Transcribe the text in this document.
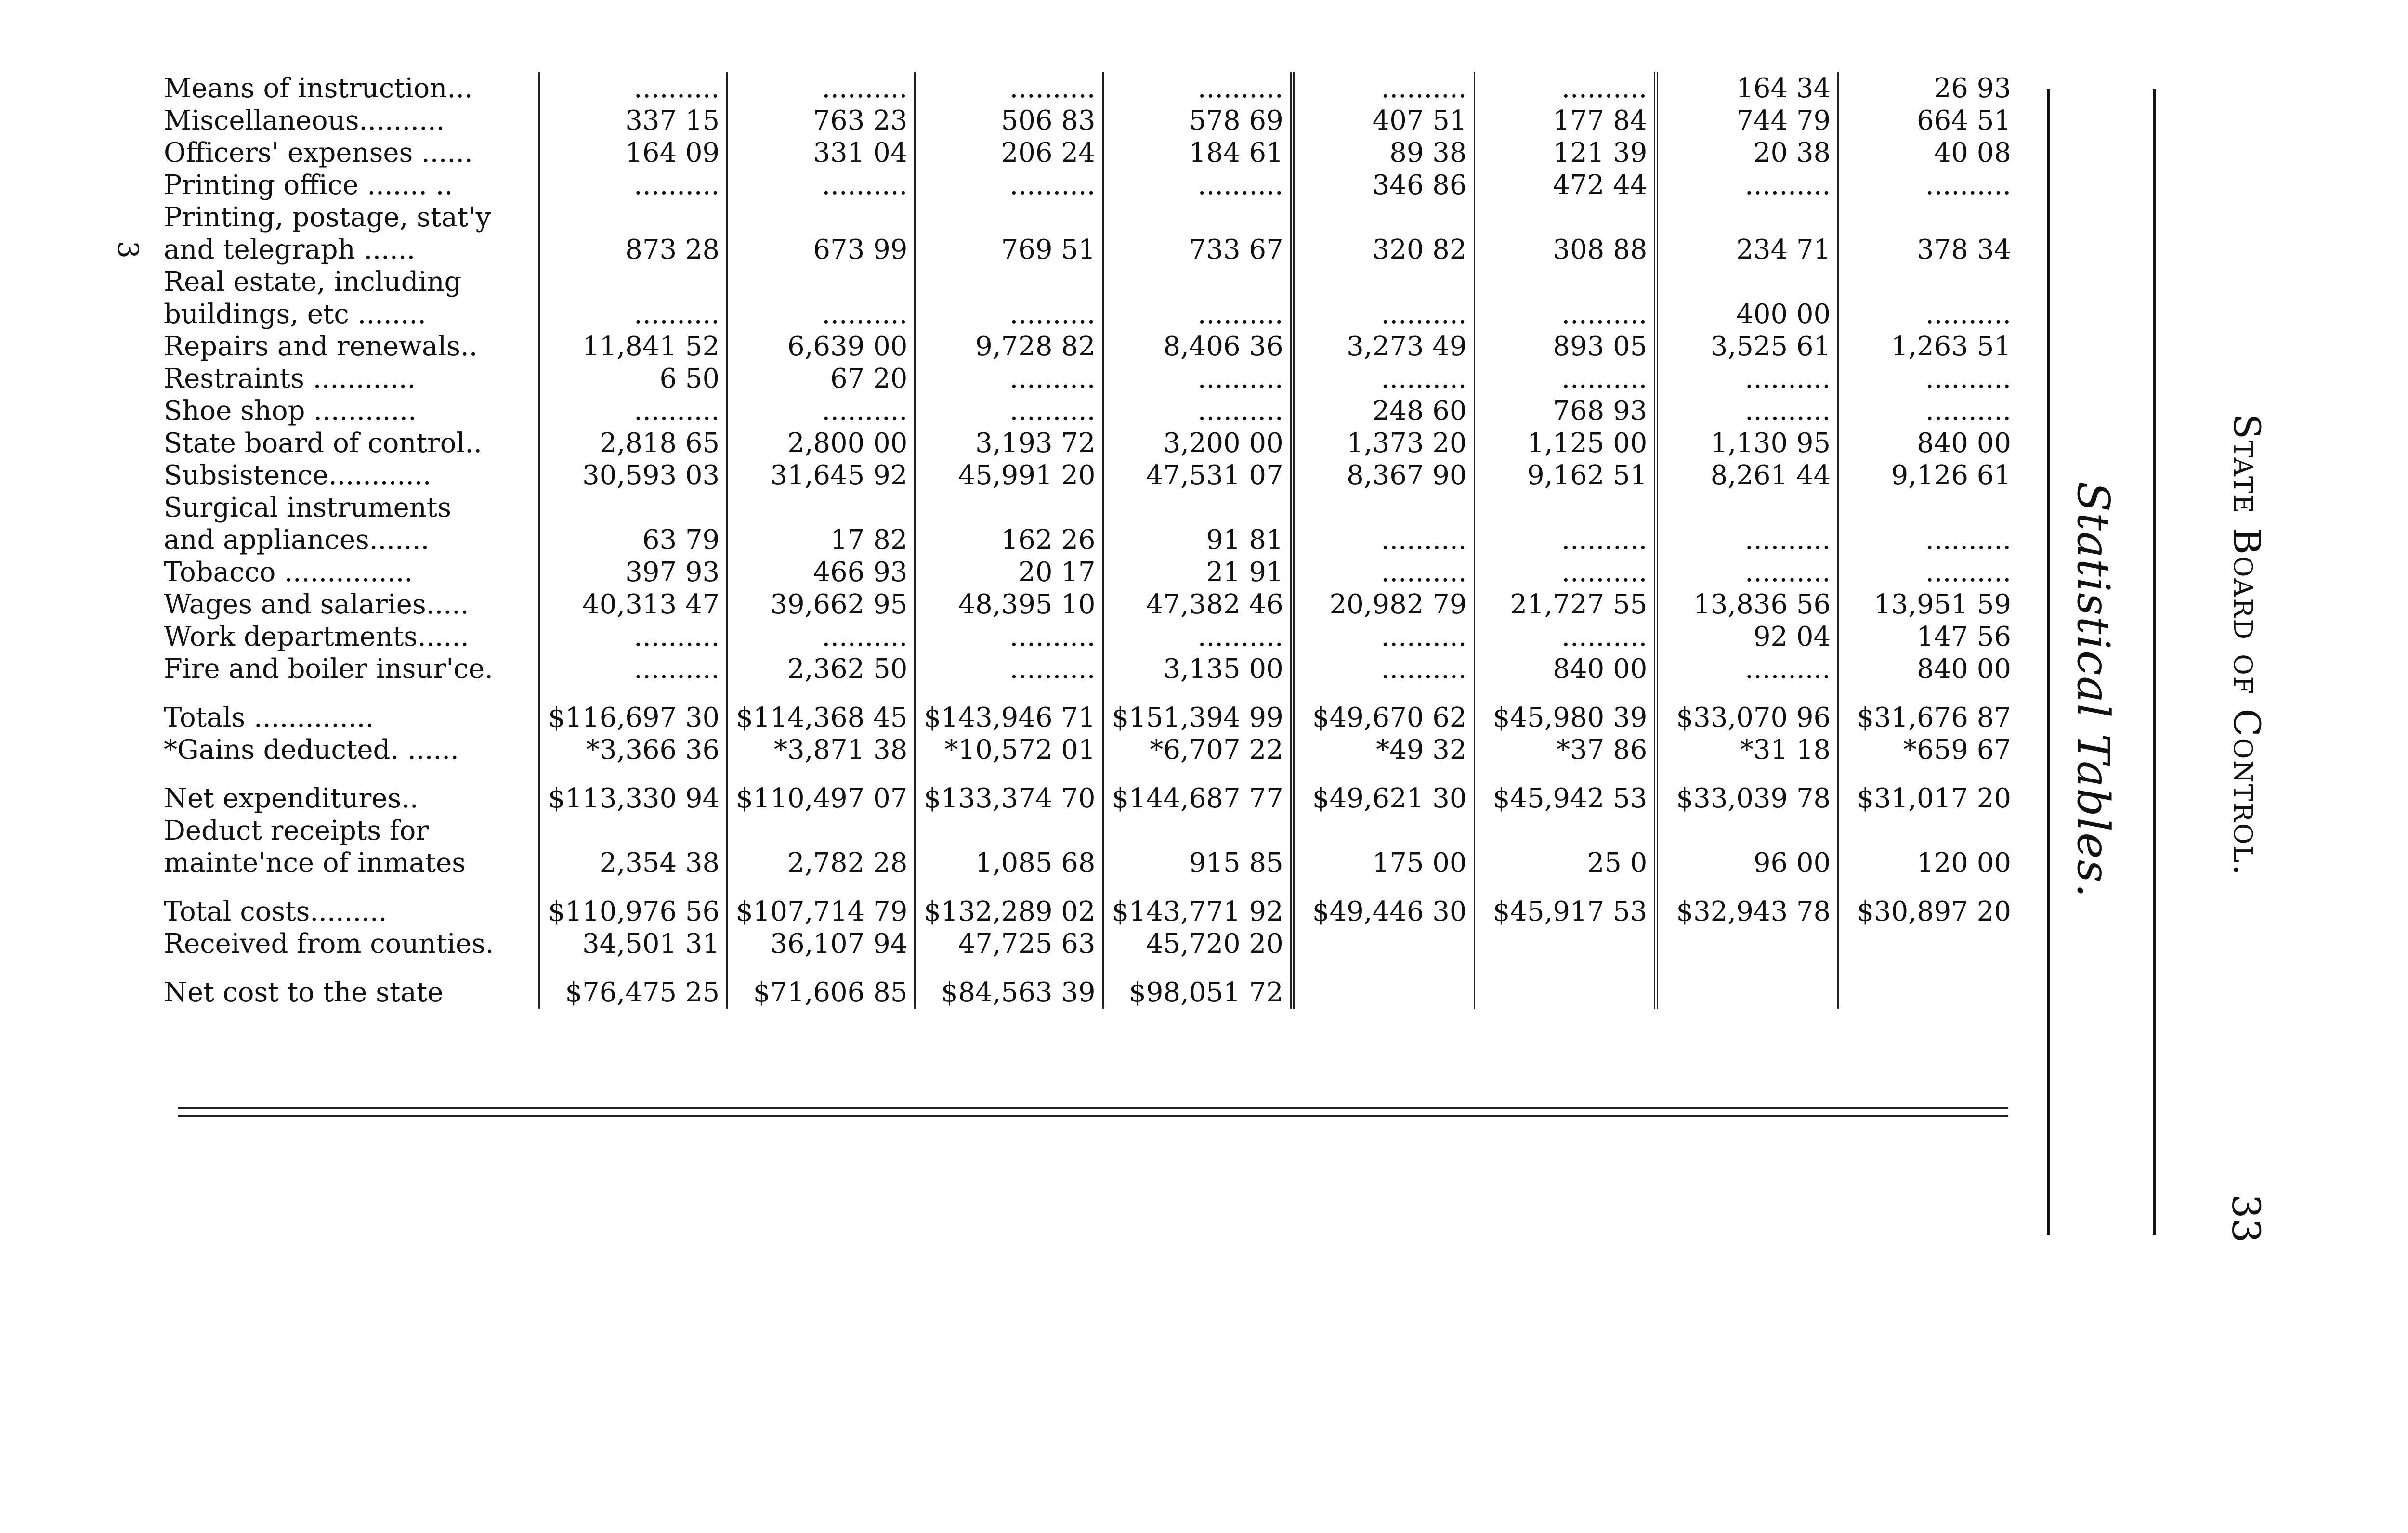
Means of instruction...	..........	..........	..........	..........	..........	..........	164 34	26 93
Miscellaneous..........	337 15	763 23	506 83	578 69	407 51	177 84	744 79	664 51
Officers' expenses ......	164 09	331 04	206 24	184 61	89 38	121 39	20 38	40 08
Printing office ....... ..	..........	..........	..........	..........	346 86	472 44	..........	..........
Printing, postage, stat'y								
and telegraph ......	873 28	673 99	769 51	733 67	320 82	308 88	234 71	378 34
Real estate, including								
buildings, etc ........	..........	..........	..........	..........	..........	..........	400 00	..........
Repairs and renewals..	11,841 52	6,639 00	9,728 82	8,406 36	3,273 49	893 05	3,525 61	1,263 51
Restraints ............	6 50	67 20	..........	..........	..........	..........	..........	..........
Shoe shop ............	..........	..........	..........	..........	248 60	768 93	..........	..........
State board of control..	2,818 65	2,800 00	3,193 72	3,200 00	1,373 20	1,125 00	1,130 95	840 00
Subsistence............	30,593 03	31,645 92	45,991 20	47,531 07	8,367 90	9,162 51	8,261 44	9,126 61
Surgical instruments								
and appliances.......	63 79	17 82	162 26	91 81	..........	..........	..........	..........
Tobacco ...............	397 93	466 93	20 17	21 91	..........	..........	..........	..........
Wages and salaries.....	40,313 47	39,662 95	48,395 10	47,382 46	20,982 79	21,727 55	13,836 56	13,951 59
Work departments......	..........	..........	..........	..........	..........	..........	92 04	147 56
Fire and boiler insur'ce.	..........	2,362 50	..........	3,135 00	..........	840 00	..........	840 00

Totals ..............	$116,697 30	$114,368 45	$143,946 71	$151,394 99	$49,670 62	$45,980 39	$33,070 96	$31,676 87
*Gains deducted. ......	*3,366 36	*3,871 38	*10,572 01	*6,707 22	*49 32	*37 86	*31 18	*659 67

Net expenditures..	$113,330 94	$110,497 07	$133,374 70	$144,687 77	$49,621 30	$45,942 53	$33,039 78	$31,017 20
Deduct receipts for								
mainte'nce of inmates	2,354 38	2,782 28	1,085 68	915 85	175 00	25 0	96 00	120 00

Total costs.........	$110,976 56	$107,714 79	$132,289 02	$143,771 92	$49,446 30	$45,917 53	$32,943 78	$30,897 20
Received from counties.	34,501 31	36,107 94	47,725 63	45,720 20				

Net cost to the state	$76,475 25	$71,606 85	$84,563 39	$98,051 72				
Statistical Tables.	State Board of Control.
33
3
